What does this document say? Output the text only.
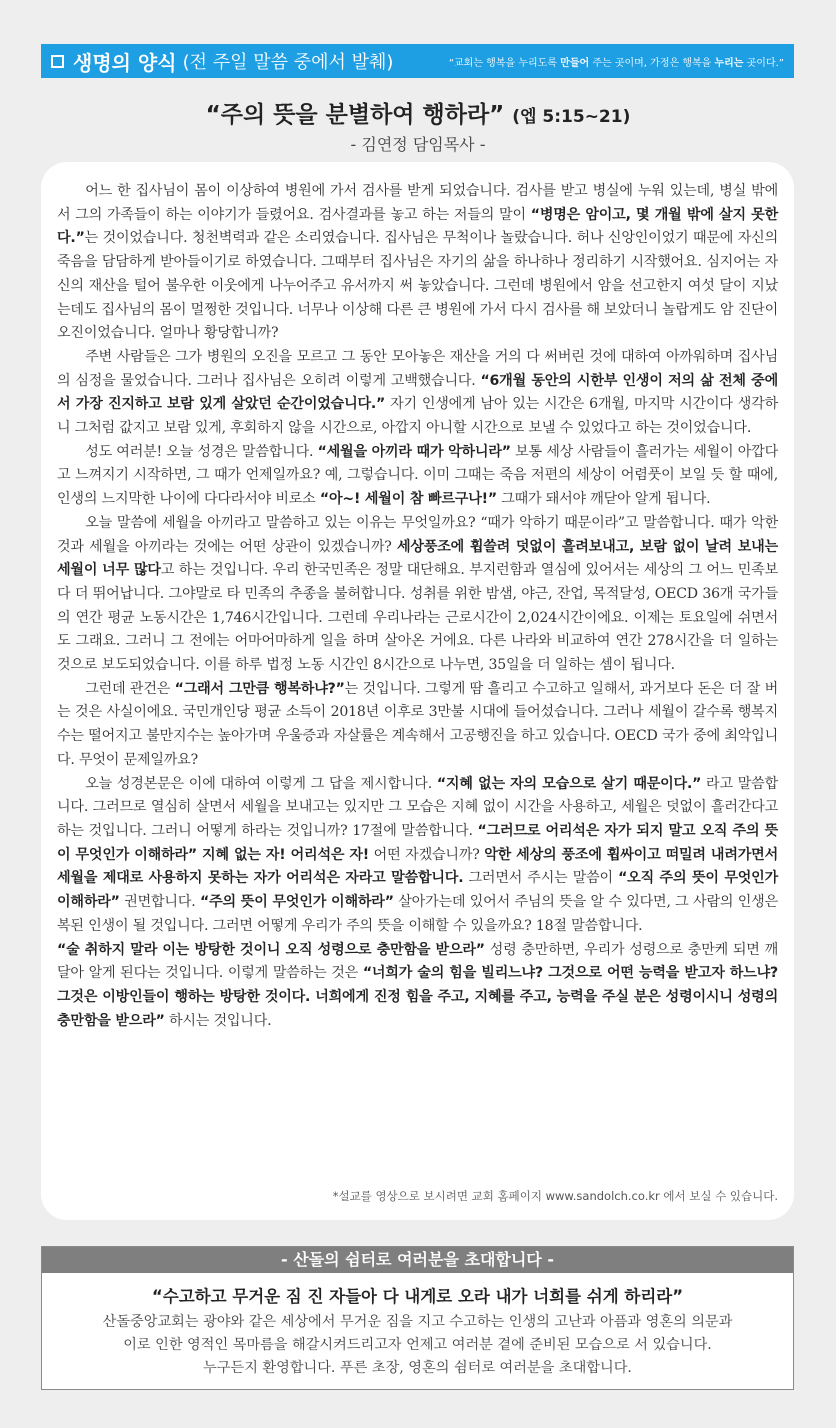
생명의 양식 (전 주일 말씀 중에서 발췌)	“교회는 행복을 누리도록 만들어 주는 곳이며, 가정은 행복을 누리는 곳이다.”
“주의 뜻을 분별하여 행하라” (엡 5:15~21)
- 김연정 담임목사 -

어느 한 집사님이 몸이 이상하여 병원에 가서 검사를 받게 되었습니다. 검사를 받고 병실에 누워 있는데, 병실 밖에서 그의 가족들이 하는 이야기가 들렸어요. 검사결과를 놓고 하는 저들의 말이 “병명은 암이고, 몇 개월 밖에 살지 못한다.”는 것이었습니다. 청천벽력과 같은 소리였습니다. 집사님은 무척이나 놀랐습니다. 허나 신앙인이었기 때문에 자신의 죽음을 담담하게 받아들이기로 하였습니다. 그때부터 집사님은 자기의 삶을 하나하나 정리하기 시작했어요. 심지어는 자신의 재산을 털어 불우한 이웃에게 나누어주고 유서까지 써 놓았습니다. 그런데 병원에서 암을 선고한지 여섯 달이 지났는데도 집사님의 몸이 멀쩡한 것입니다. 너무나 이상해 다른 큰 병원에 가서 다시 검사를 해 보았더니 놀랍게도 암 진단이 오진이었습니다. 얼마나 황당합니까?

주변 사람들은 그가 병원의 오진을 모르고 그 동안 모아놓은 재산을 거의 다 써버린 것에 대하여 아까워하며 집사님의 심정을 물었습니다. 그러나 집사님은 오히려 이렇게 고백했습니다. “6개월 동안의 시한부 인생이 저의 삶 전체 중에서 가장 진지하고 보람 있게 살았던 순간이었습니다.” 자기 인생에게 남아 있는 시간은 6개월, 마지막 시간이다 생각하니 그처럼 값지고 보람 있게, 후회하지 않을 시간으로, 아깝지 아니할 시간으로 보낼 수 있었다고 하는 것이었습니다.

성도 여러분! 오늘 성경은 말씀합니다. “세월을 아끼라 때가 악하니라” 보통 세상 사람들이 흘러가는 세월이 아깝다고 느껴지기 시작하면, 그 때가 언제일까요? 예, 그렇습니다. 이미 그때는 죽음 저편의 세상이 어렴풋이 보일 듯 할 때에, 인생의 느지막한 나이에 다다라서야 비로소 “아~! 세월이 참 빠르구나!” 그때가 돼서야 깨닫아 알게 됩니다.

오늘 말씀에 세월을 아끼라고 말씀하고 있는 이유는 무엇일까요? “때가 악하기 때문이라”고 말씀합니다. 때가 악한 것과 세월을 아끼라는 것에는 어떤 상관이 있겠습니까? 세상풍조에 휩쓸려 덧없이 흘려보내고, 보람 없이 날려 보내는 세월이 너무 많다고 하는 것입니다. 우리 한국민족은 정말 대단해요. 부지런함과 열심에 있어서는 세상의 그 어느 민족보다 더 뛰어납니다. 그야말로 타 민족의 추종을 불허합니다. 성취를 위한 밤샘, 야근, 잔업, 목적달성, OECD 36개 국가들의 연간 평균 노동시간은 1,746시간입니다. 그런데 우리나라는 근로시간이 2,024시간이에요. 이제는 토요일에 쉬면서도 그래요. 그러니 그 전에는 어마어마하게 일을 하며 살아온 거에요. 다른 나라와 비교하여 연간 278시간을 더 일하는 것으로 보도되었습니다. 이를 하루 법정 노동 시간인 8시간으로 나누면, 35일을 더 일하는 셈이 됩니다.

그런데 관건은 “그래서 그만큼 행복하냐?”는 것입니다. 그렇게 땀 흘리고 수고하고 일해서, 과거보다 돈은 더 잘 버는 것은 사실이에요. 국민개인당 평균 소득이 2018년 이후로 3만불 시대에 들어섰습니다. 그러나 세월이 갈수록 행복지수는 떨어지고 불만지수는 높아가며 우울증과 자살률은 계속해서 고공행진을 하고 있습니다. OECD 국가 중에 최악입니다. 무엇이 문제일까요?

오늘 성경본문은 이에 대하여 이렇게 그 답을 제시합니다. “지혜 없는 자의 모습으로 살기 때문이다.” 라고 말씀합니다. 그러므로 열심히 살면서 세월을 보내고는 있지만 그 모습은 지혜 없이 시간을 사용하고, 세월은 덧없이 흘러간다고 하는 것입니다. 그러니 어떻게 하라는 것입니까? 17절에 말씀합니다. “그러므로 어리석은 자가 되지 말고 오직 주의 뜻이 무엇인가 이해하라” 지혜 없는 자! 어리석은 자! 어떤 자겠습니까? 악한 세상의 풍조에 휩싸이고 떠밀려 내려가면서 세월을 제대로 사용하지 못하는 자가 어리석은 자라고 말씀합니다. 그러면서 주시는 말씀이 “오직 주의 뜻이 무엇인가 이해하라” 권면합니다. “주의 뜻이 무엇인가 이해하라” 살아가는데 있어서 주님의 뜻을 알 수 있다면, 그 사람의 인생은 복된 인생이 될 것입니다. 그러면 어떻게 우리가 주의 뜻을 이해할 수 있을까요? 18절 말씀합니다.

“술 취하지 말라 이는 방탕한 것이니 오직 성령으로 충만함을 받으라” 성령 충만하면, 우리가 성령으로 충만케 되면 깨달아 알게 된다는 것입니다. 이렇게 말씀하는 것은 “너희가 술의 힘을 빌리느냐? 그것으로 어떤 능력을 받고자 하느냐? 그것은 이방인들이 행하는 방탕한 것이다. 너희에게 진정 힘을 주고, 지혜를 주고, 능력을 주실 분은 성령이시니 성령의 충만함을 받으라” 하시는 것입니다.

*설교를 영상으로 보시려면 교회 홈페이지 www.sandolch.co.kr 에서 보실 수 있습니다.
- 산돌의 쉼터로 여러분을 초대합니다 -
“수고하고 무거운 짐 진 자들아 다 내게로 오라 내가 너희를 쉬게 하리라”
산돌중앙교회는 광야와 같은 세상에서 무거운 짐을 지고 수고하는 인생의 고난과 아픔과 영혼의 의문과
이로 인한 영적인 목마름을 해갈시켜드리고자 언제고 여러분 곁에 준비된 모습으로 서 있습니다.
누구든지 환영합니다. 푸른 초장, 영혼의 쉼터로 여러분을 초대합니다.
